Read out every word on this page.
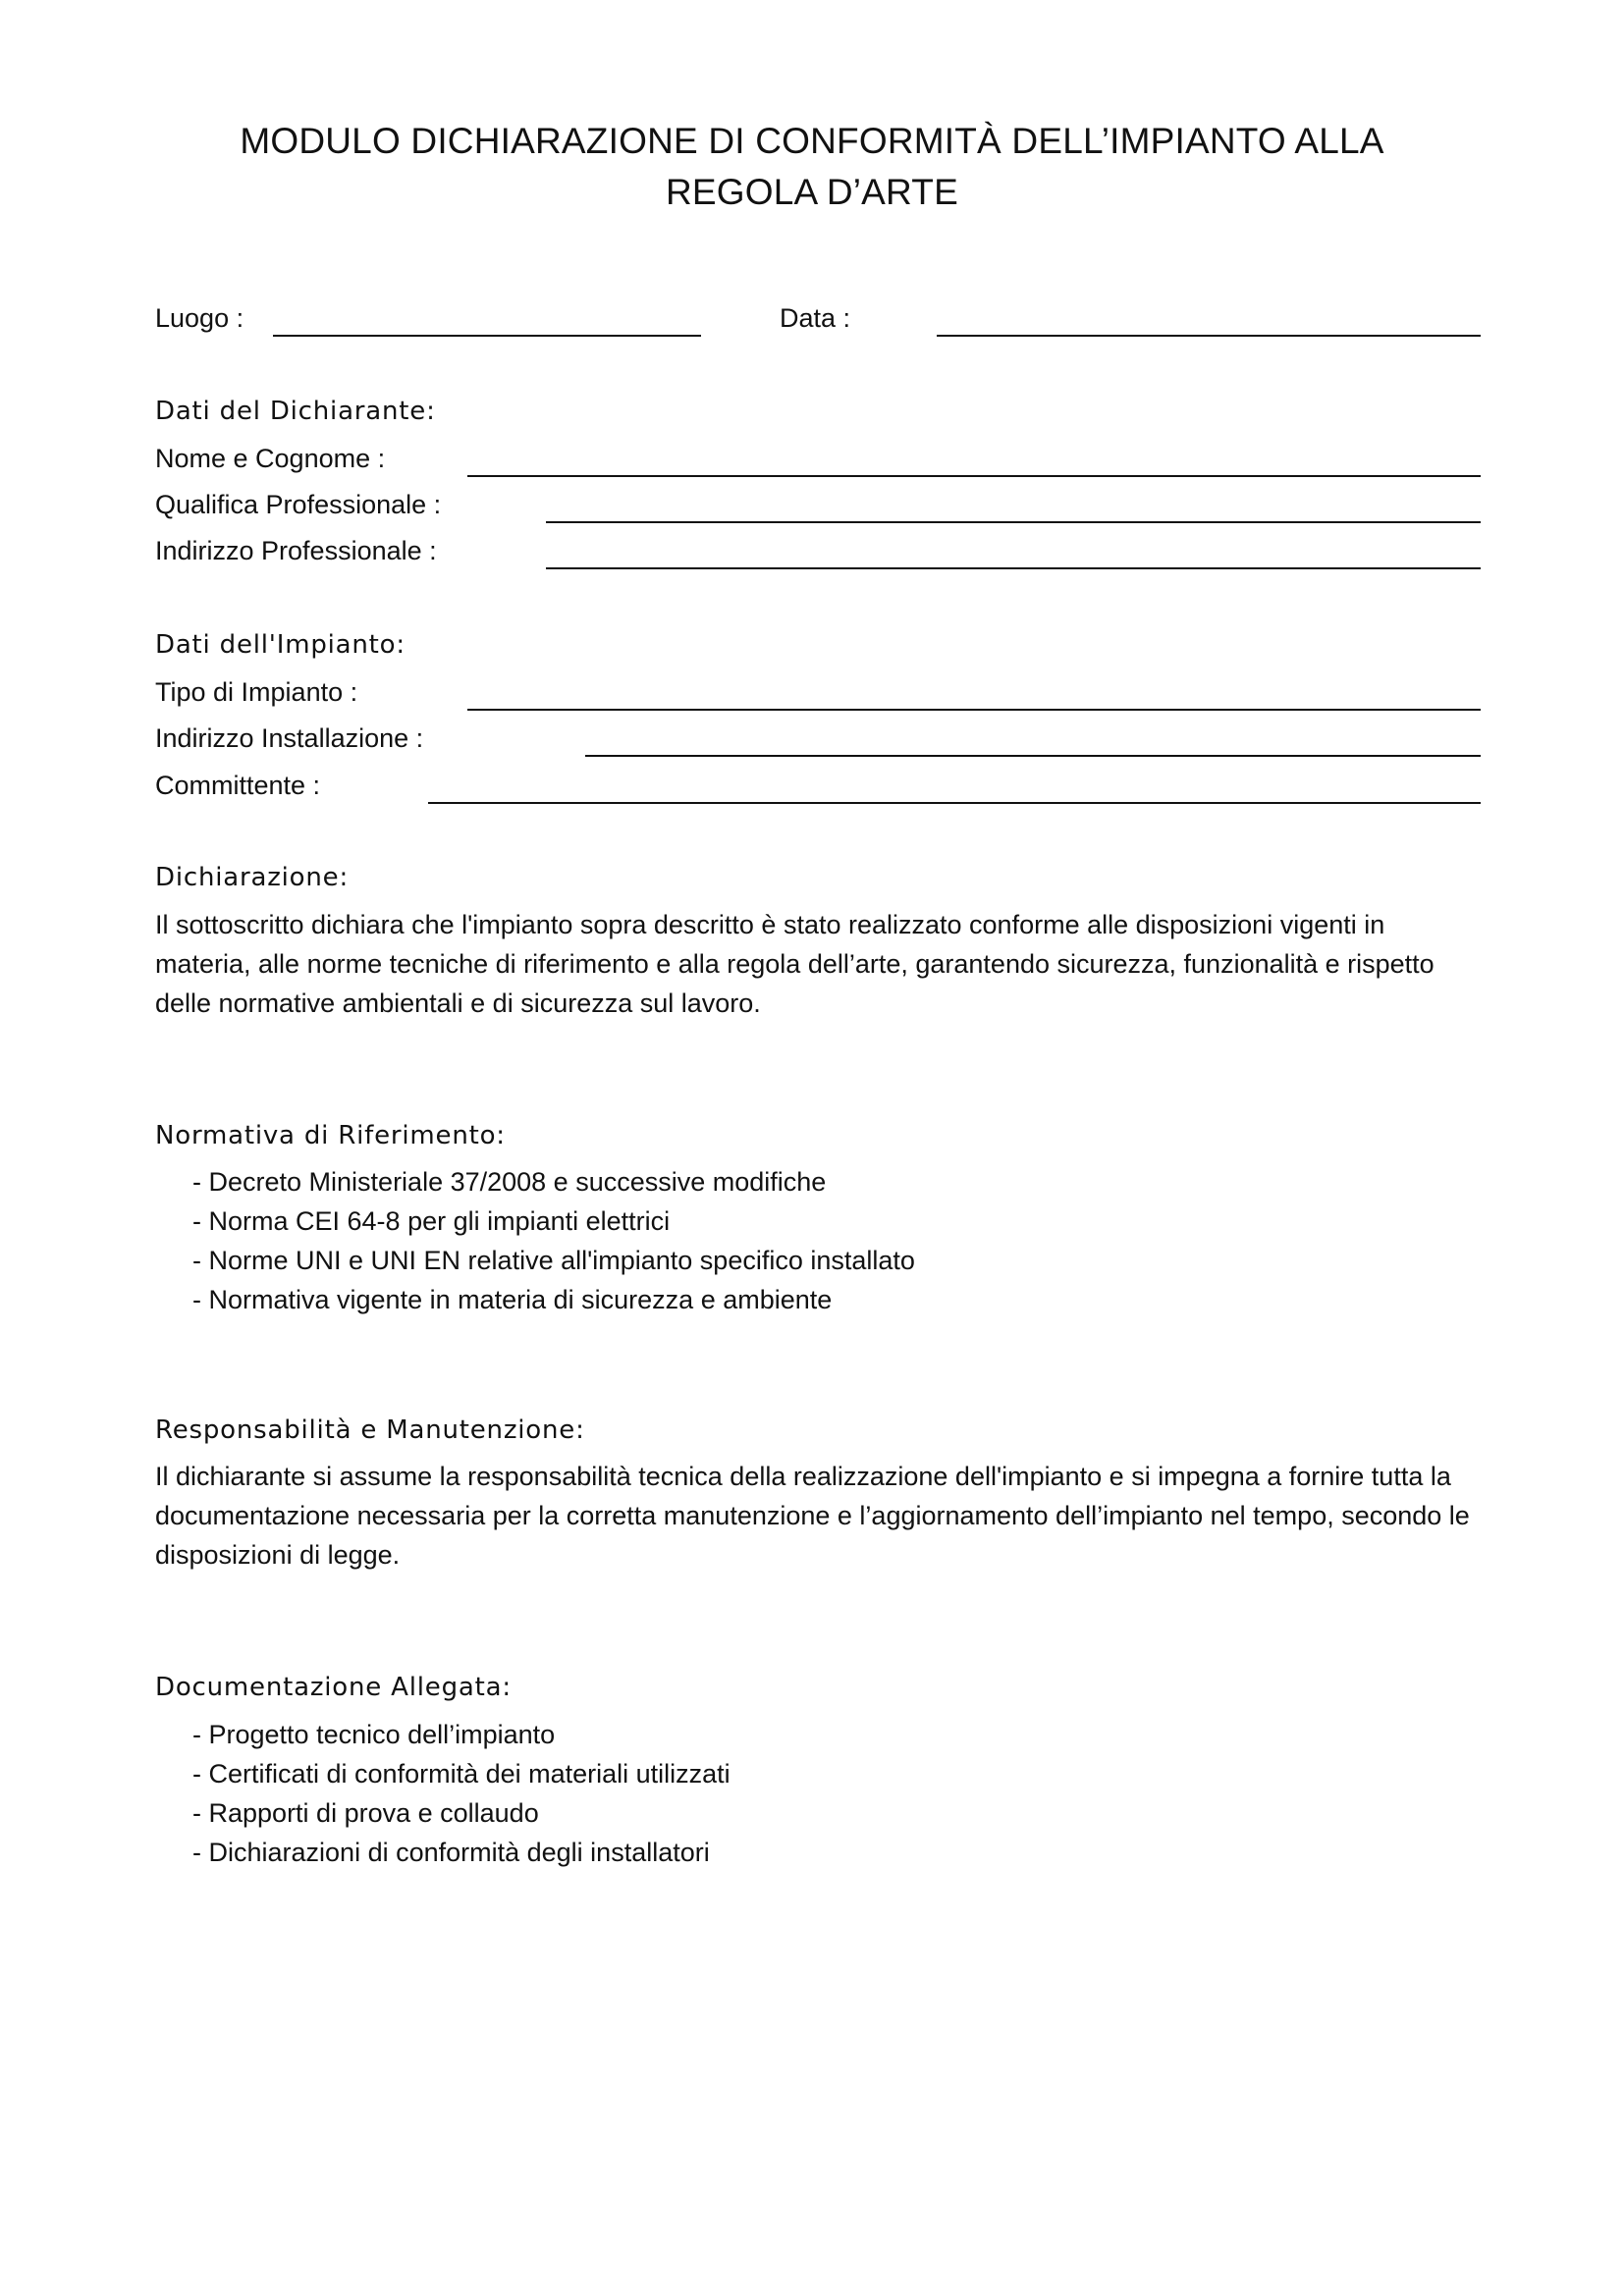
MODULO DICHIARAZIONE DI CONFORMITÀ DELL’IMPIANTO ALLA
REGOLA D’ARTE
Luogo :	Data :
Dati del Dichiarante:
Nome e Cognome :
Qualifica Professionale :
Indirizzo Professionale :
Dati dell'Impianto:
Tipo di Impianto :
Indirizzo Installazione :
Committente :
Dichiarazione:
Il sottoscritto dichiara che l'impianto sopra descritto è stato realizzato conforme alle disposizioni vigenti in materia, alle norme tecniche di riferimento e alla regola dell’arte, garantendo sicurezza, funzionalità e rispetto delle normative ambientali e di sicurezza sul lavoro.
Normativa di Riferimento:
- Decreto Ministeriale 37/2008 e successive modifiche
- Norma CEI 64-8 per gli impianti elettrici
- Norme UNI e UNI EN relative all'impianto specifico installato
- Normativa vigente in materia di sicurezza e ambiente
Responsabilità e Manutenzione:
Il dichiarante si assume la responsabilità tecnica della realizzazione dell'impianto e si impegna a fornire tutta la documentazione necessaria per la corretta manutenzione e l’aggiornamento dell’impianto nel tempo, secondo le disposizioni di legge.
Documentazione Allegata:
- Progetto tecnico dell’impianto
- Certificati di conformità dei materiali utilizzati
- Rapporti di prova e collaudo
- Dichiarazioni di conformità degli installatori
